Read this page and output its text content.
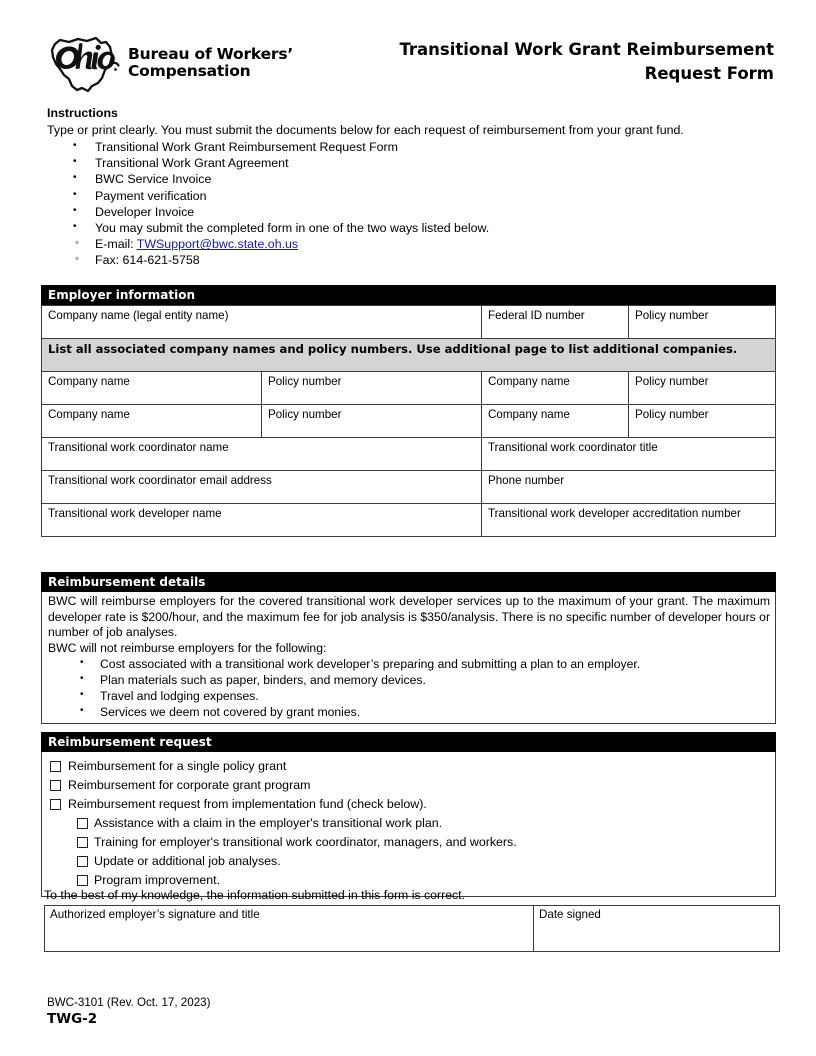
Bureau of Workers’
Compensation
Transitional Work Grant Reimbursement
Request Form
Instructions

Type or print clearly. You must submit the documents below for each request of reimbursement from your grant fund.

• Transitional Work Grant Reimbursement Request Form
• Transitional Work Grant Agreement
• BWC Service Invoice
• Payment verification
• Developer Invoice
• You may submit the completed form in one of the two ways listed below.
◦ E-mail: TWSupport@bwc.state.oh.us
◦ Fax: 614-621-5758
Employer information
Company name (legal entity name)		Federal ID number	Policy number
List all associated company names and policy numbers. Use additional page to list additional companies.			
Company name	Policy number	Company name	Policy number
Company name	Policy number	Company name	Policy number
Transitional work coordinator name		Transitional work coordinator title	
Transitional work coordinator email address		Phone number	
Transitional work developer name		Transitional work developer accreditation number	
Reimbursement details

BWC will reimburse employers for the covered transitional work developer services up to the maximum of your grant. The maximum developer rate is $200/hour, and the maximum fee for job analysis is $350/analysis. There is no specific number of developer hours or number of job analyses.

BWC will not reimburse employers for the following:

• Cost associated with a transitional work developer’s preparing and submitting a plan to an employer.
• Plan materials such as paper, binders, and memory devices.
• Travel and lodging expenses.
• Services we deem not covered by grant monies.
Reimbursement request
Reimbursement for a single policy grant
Reimbursement for corporate grant program
Reimbursement request from implementation fund (check below).
Assistance with a claim in the employer's transitional work plan.
Training for employer's transitional work coordinator, managers, and workers.
Update or additional job analyses.
Program improvement.
To the best of my knowledge, the information submitted in this form is correct.
Authorized employer’s signature and title	Date signed
BWC-3101 (Rev. Oct. 17, 2023)
TWG-2
